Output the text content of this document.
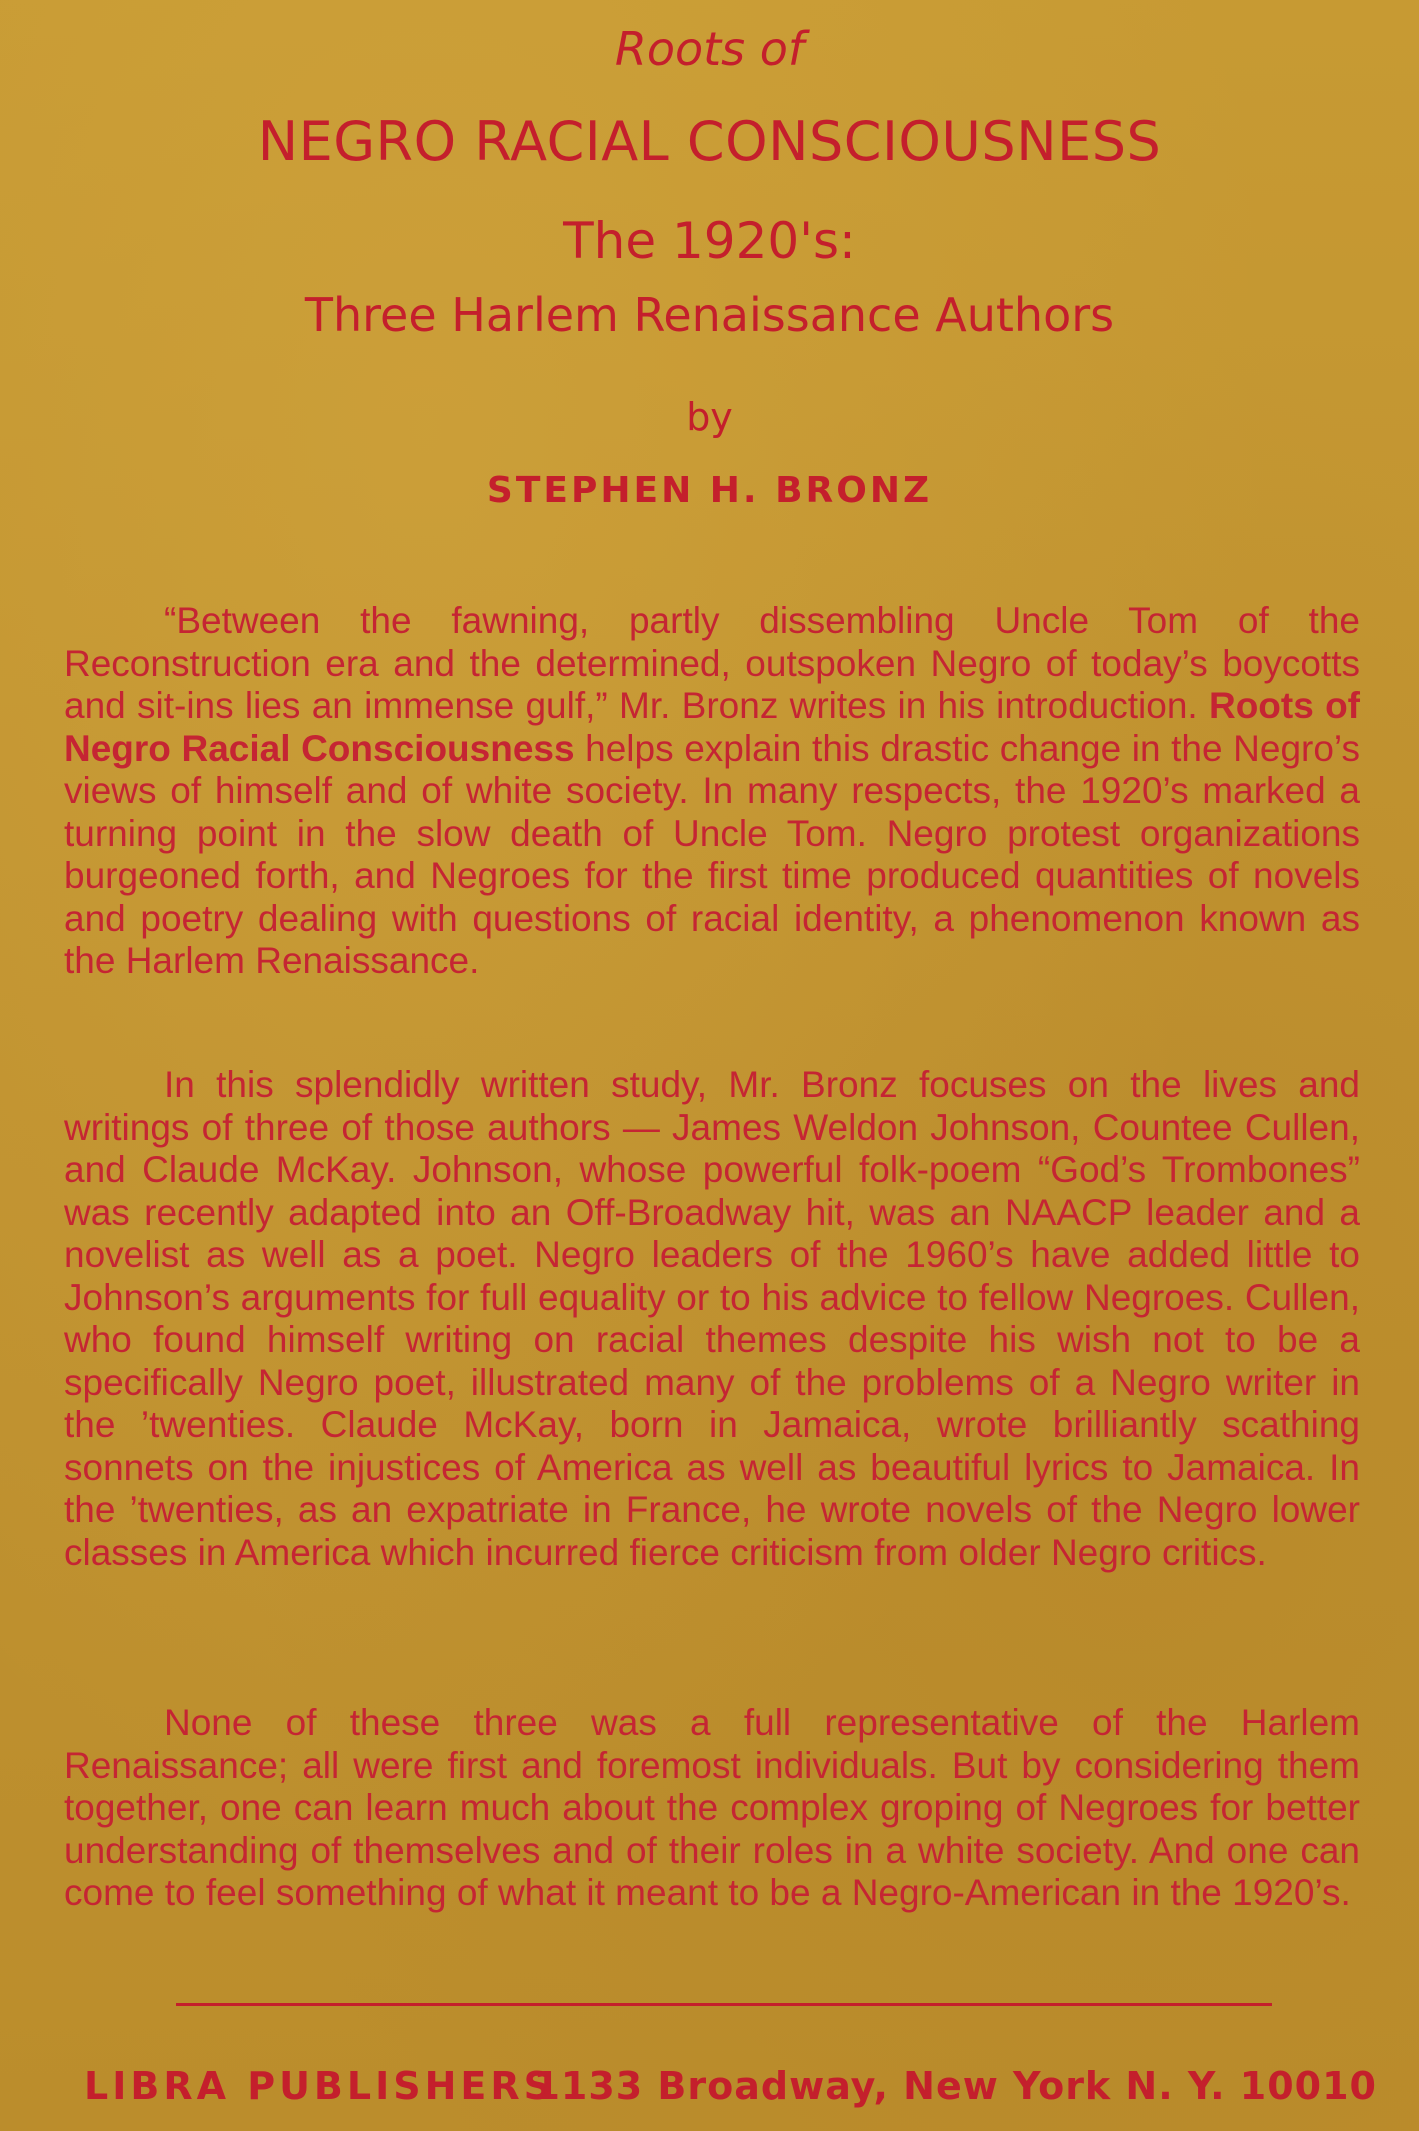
Roots of
NEGRO RACIAL CONSCIOUSNESS
The 1920's:
Three Harlem Renaissance Authors
by
STEPHEN H. BRONZ

“Between the fawning, partly dissembling Uncle Tom of the Reconstruction era and the determined, outspoken Negro of today’s boycotts and sit-ins lies an immense gulf,” Mr. Bronz writes in his introduction. Roots of Negro Racial Consciousness helps explain this drastic change in the Negro’s views of himself and of white society. In many respects, the 1920’s marked a turning point in the slow death of Uncle Tom. Negro protest organizations burgeoned forth, and Negroes for the first time produced quantities of novels and poetry dealing with questions of racial identity, a phenomenon known as the Harlem Renaissance.

In this splendidly written study, Mr. Bronz focuses on the lives and writings of three of those authors — James Weldon Johnson, Countee Cullen, and Claude McKay. Johnson, whose powerful folk-poem “God’s Trombones” was recently adapted into an Off-Broadway hit, was an NAACP leader and a novelist as well as a poet. Negro leaders of the 1960’s have added little to Johnson’s arguments for full equality or to his advice to fellow Negroes. Cullen, who found himself writing on racial themes despite his wish not to be a specifically Negro poet, illustrated many of the problems of a Negro writer in the ’twenties. Claude McKay, born in Jamaica, wrote brilliantly scathing sonnets on the injustices of America as well as beautiful lyrics to Jamaica. In the ’twenties, as an expatriate in France, he wrote novels of the Negro lower classes in America which incurred fierce criticism from older Negro critics.

None of these three was a full representative of the Harlem Renaissance; all were first and foremost individuals. But by considering them together, one can learn much about the complex groping of Negroes for better understanding of themselves and of their roles in a white society. And one can come to feel something of what it meant to be a Negro-American in the 1920’s.

LIBRA PUBLISHERS
1133 Broadway, New York N. Y. 10010
